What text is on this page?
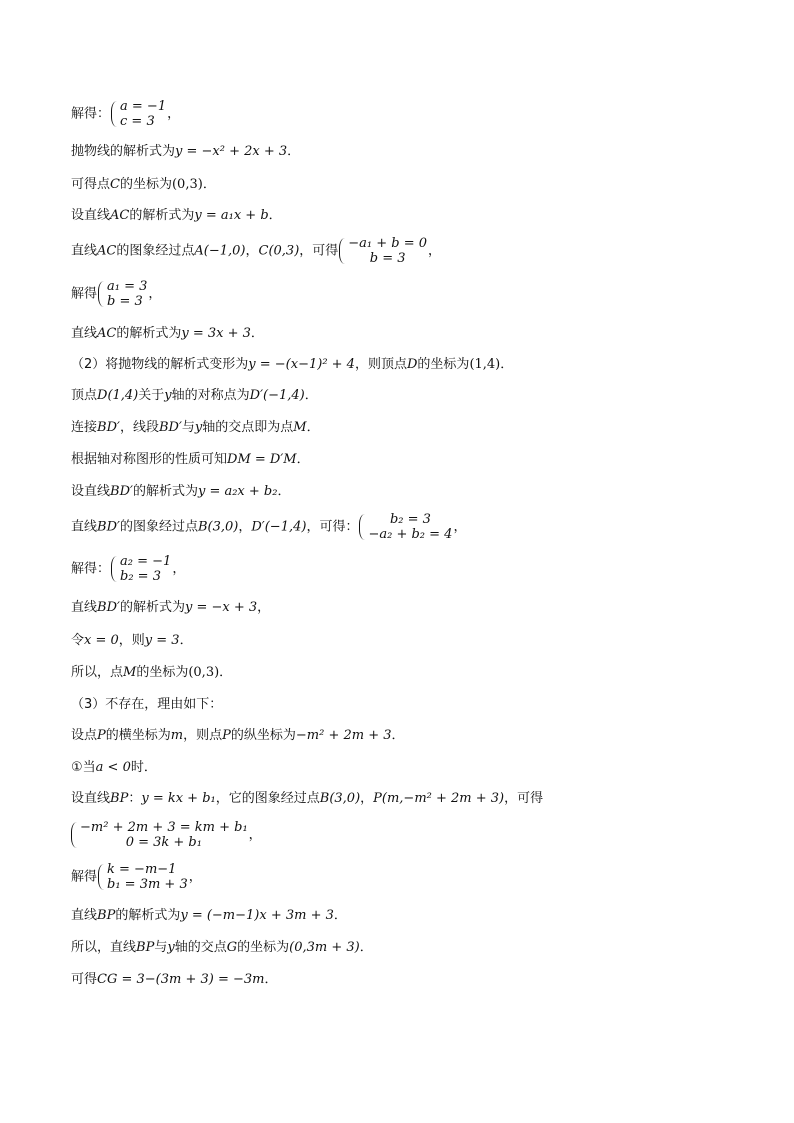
解得： a = −1
c = 3 ，
抛物线的解析式为y = −x² + 2x + 3．
可得点C的坐标为(0,3)．
设直线AC的解析式为y = a₁x + b．
直线AC的图象经过点A(−1,0)，C(0,3)，可得 −a₁ + b = 0
b = 3	，
解得 a₁ = 3
b = 3 ，
直线AC的解析式为y = 3x + 3．
（2）将抛物线的解析式变形为y = −(x−1)² + 4，则顶点D的坐标为(1,4)．
顶点D(1,4)关于y轴的对称点为D′(−1,4)．
连接BD′，线段BD′与y轴的交点即为点M．
根据轴对称图形的性质可知DM = D′M．
设直线BD′的解析式为y = a₂x + b₂．
直线BD′的图象经过点B(3,0)，D′(−1,4)，可得：	b₂ = 3
−a₂ + b₂ = 4 ，
解得： a₂ = −1
b₂ = 3 ，
直线BD′的解析式为y = −x + 3，
令x = 0，则y = 3．
所以，点M的坐标为(0,3)．
（3）不存在，理由如下：
设点P的横坐标为m，则点P的纵坐标为−m² + 2m + 3．
①当a < 0时．
设直线BP：y = kx + b₁，它的图象经过点B(3,0)，P(m,−m² + 2m + 3)，可得
−m² + 2m + 3 = km + b₁
0 = 3k + b₁	，
解得 k = −m−1
b₁ = 3m + 3 ，
直线BP的解析式为y = (−m−1)x + 3m + 3．
所以，直线BP与y轴的交点G的坐标为(0,3m + 3)．
可得CG = 3−(3m + 3) = −3m．
